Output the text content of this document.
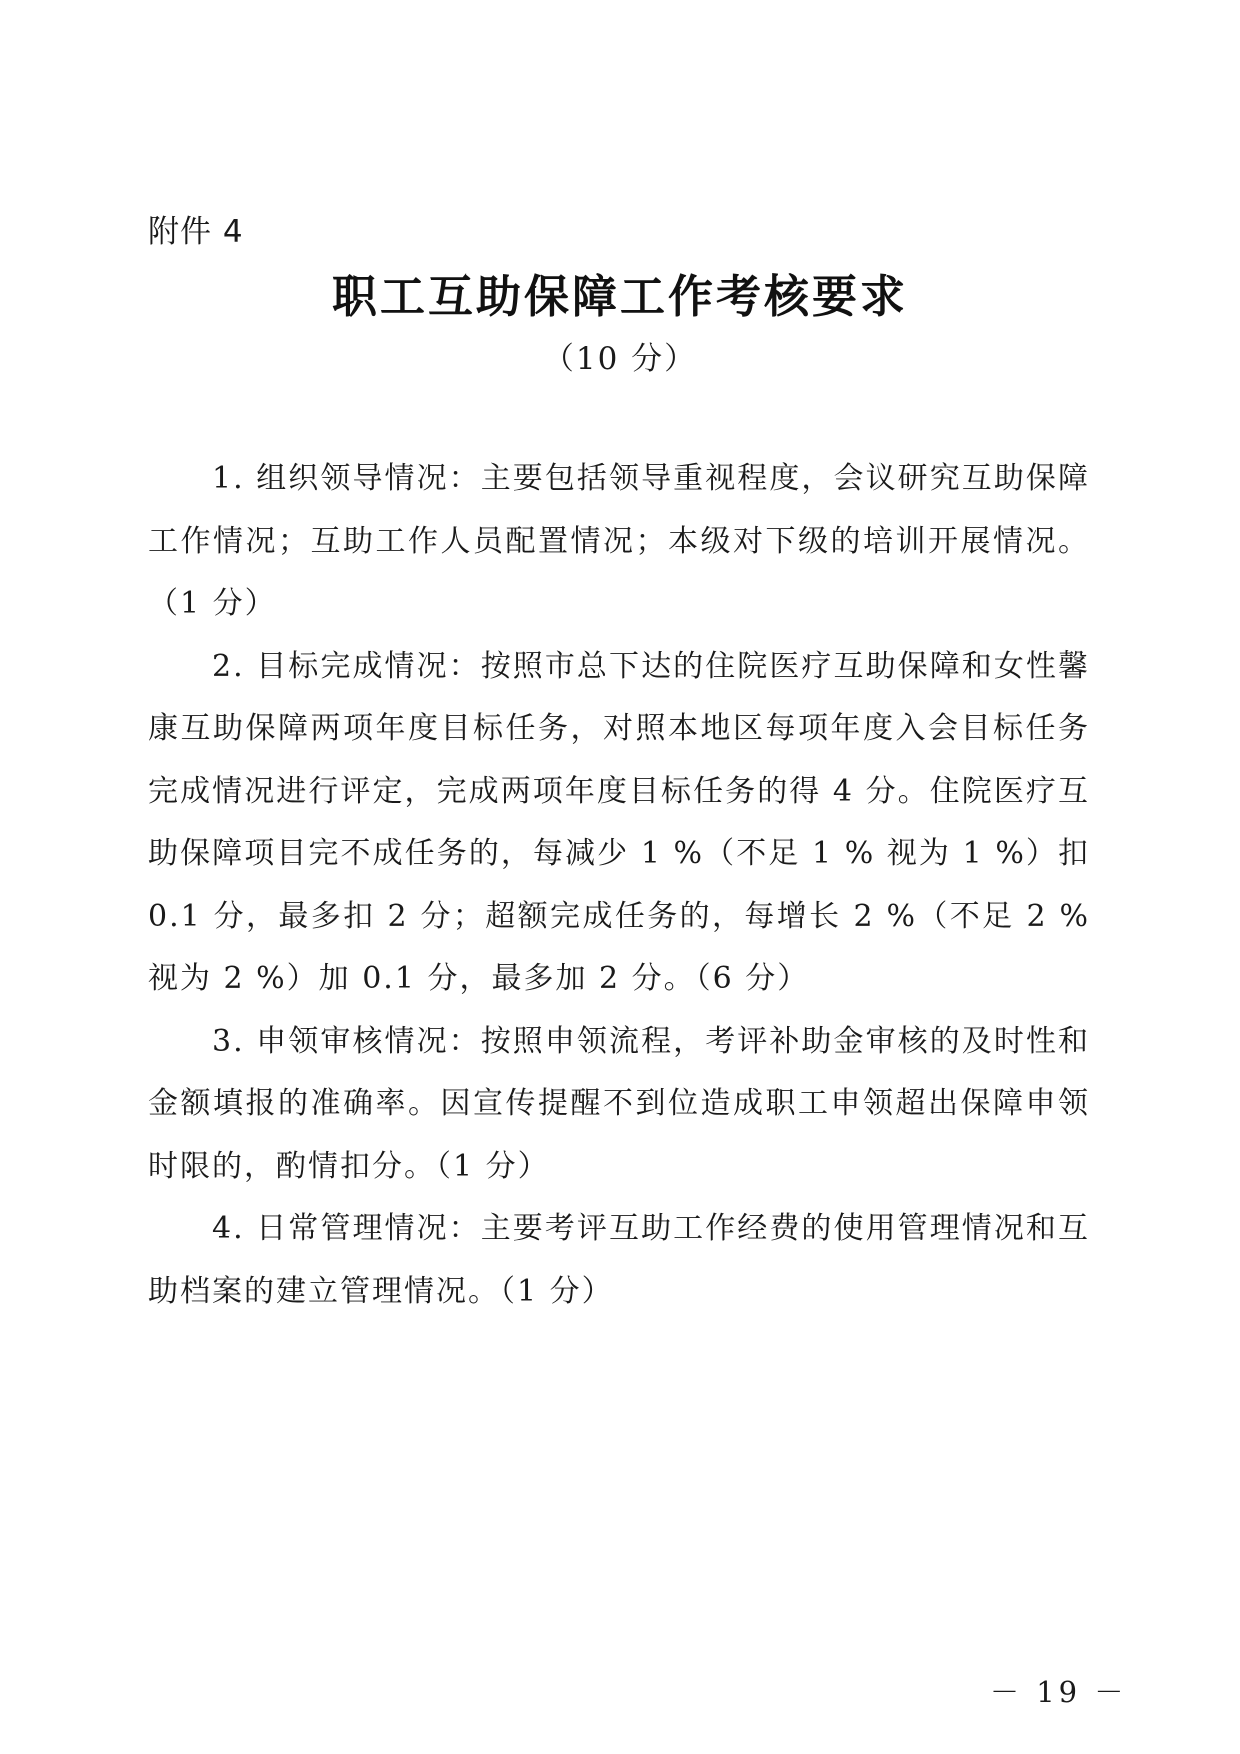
附件 4
职工互助保障工作考核要求
（10 分）

1. 组织领导情况：主要包括领导重视程度，会议研究互助保障工作情况；互助工作人员配置情况；本级对下级的培训开展情况。（1 分）

2. 目标完成情况：按照市总下达的住院医疗互助保障和女性馨康互助保障两项年度目标任务，对照本地区每项年度入会目标任务完成情况进行评定，完成两项年度目标任务的得 4 分。住院医疗互助保障项目完不成任务的，每减少 1 %（不足 1 % 视为 1 %）扣 0.1 分，最多扣 2 分；超额完成任务的，每增长 2 %（不足 2 % 视为 2 %）加 0.1 分，最多加 2 分。（6 分）

3. 申领审核情况：按照申领流程，考评补助金审核的及时性和金额填报的准确率。因宣传提醒不到位造成职工申领超出保障申领时限的，酌情扣分。（1 分）

4. 日常管理情况：主要考评互助工作经费的使用管理情况和互助档案的建立管理情况。（1 分）

－ 19 －
